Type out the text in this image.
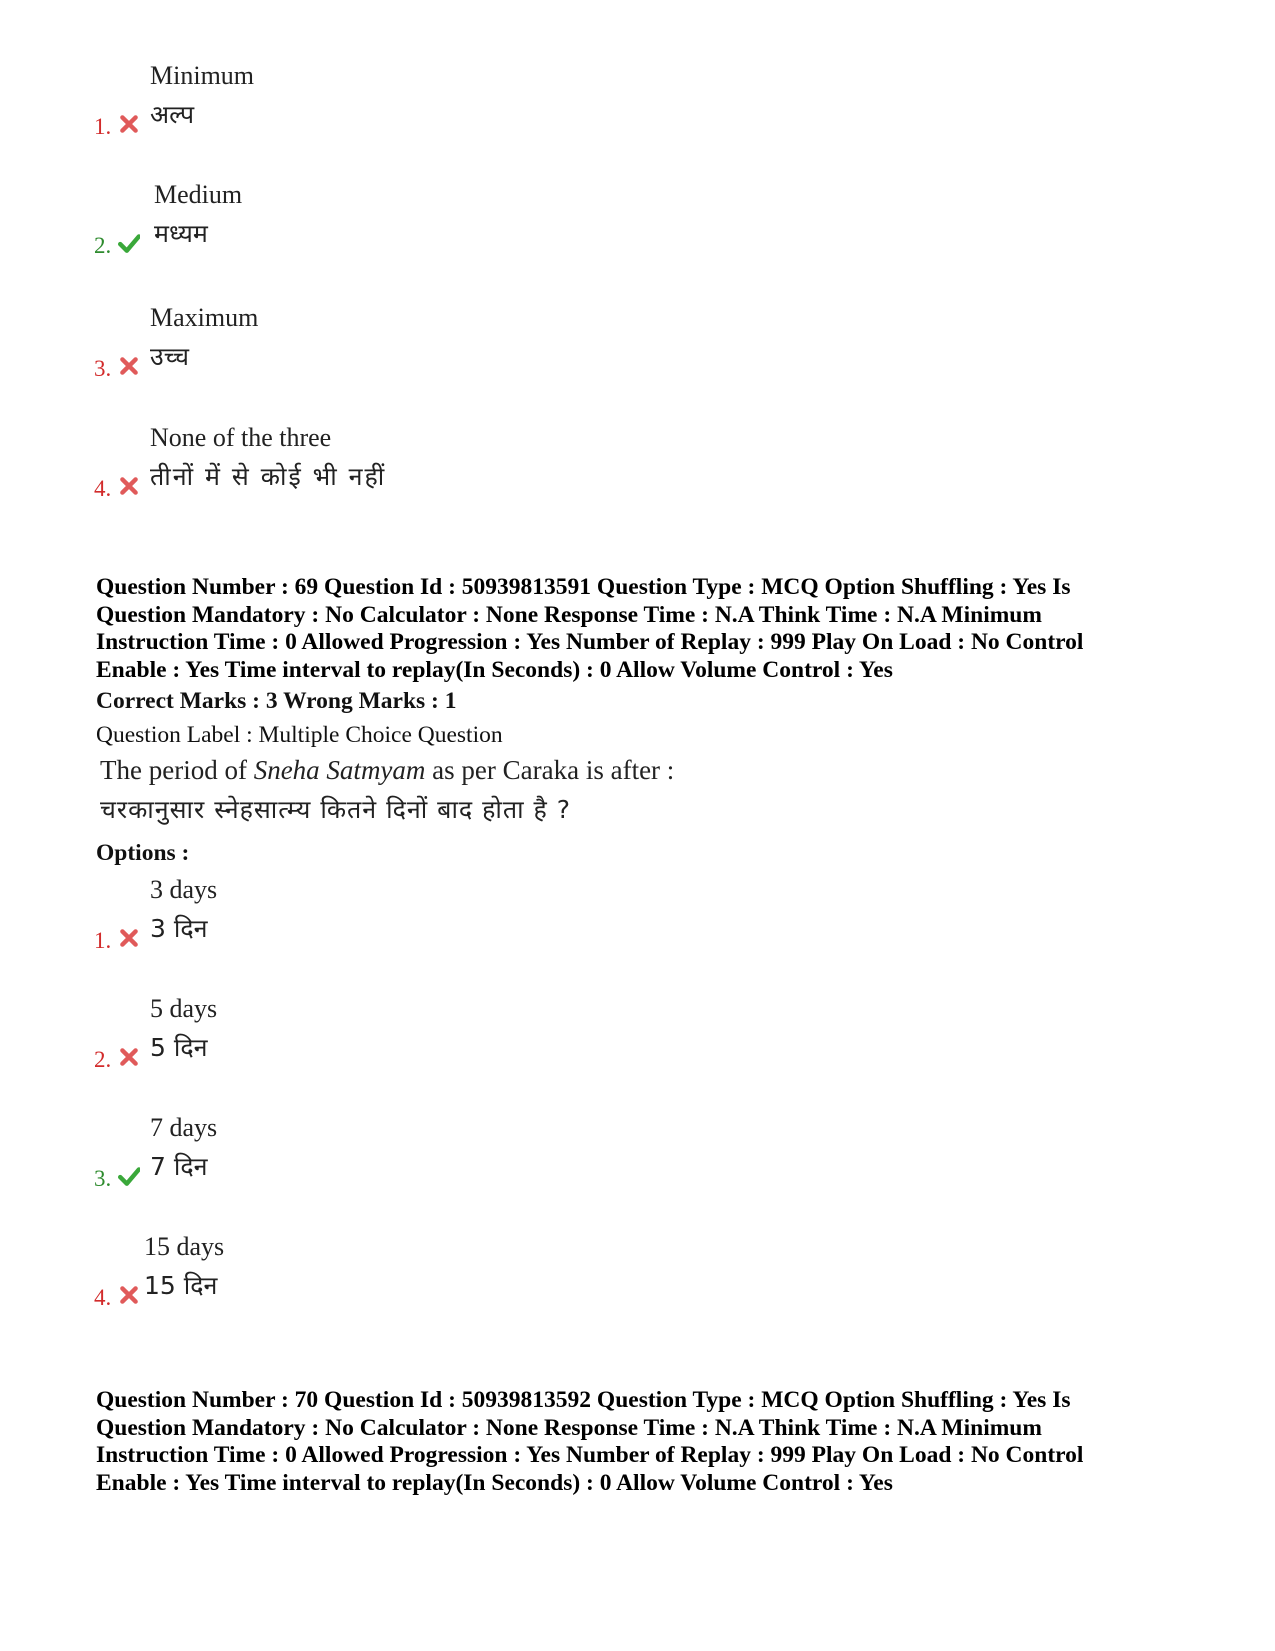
1.
Minimum
अल्प
2.
Medium
मध्यम
3.
Maximum
उच्च
4.
None of the three
तीनों में से कोई भी नहीं

Question Number : 69 Question Id : 50939813591 Question Type : MCQ Option Shuffling : Yes Is

Question Mandatory : No Calculator : None Response Time : N.A Think Time : N.A Minimum

Instruction Time : 0 Allowed Progression : Yes Number of Replay : 999 Play On Load : No Control

Enable : Yes Time interval to replay(In Seconds) : 0 Allow Volume Control : Yes

Correct Marks : 3 Wrong Marks : 1
Question Label : Multiple Choice Question
The period of Sneha Satmyam as per Caraka is after :
चरकानुसार स्नेहसात्म्य कितने दिनों बाद होता है ?
Options :
1.
3 days
3 दिन
2.
5 days
5 दिन
3.
7 days
7 दिन
4.
15 days
15 दिन

Question Number : 70 Question Id : 50939813592 Question Type : MCQ Option Shuffling : Yes Is

Question Mandatory : No Calculator : None Response Time : N.A Think Time : N.A Minimum

Instruction Time : 0 Allowed Progression : Yes Number of Replay : 999 Play On Load : No Control

Enable : Yes Time interval to replay(In Seconds) : 0 Allow Volume Control : Yes
